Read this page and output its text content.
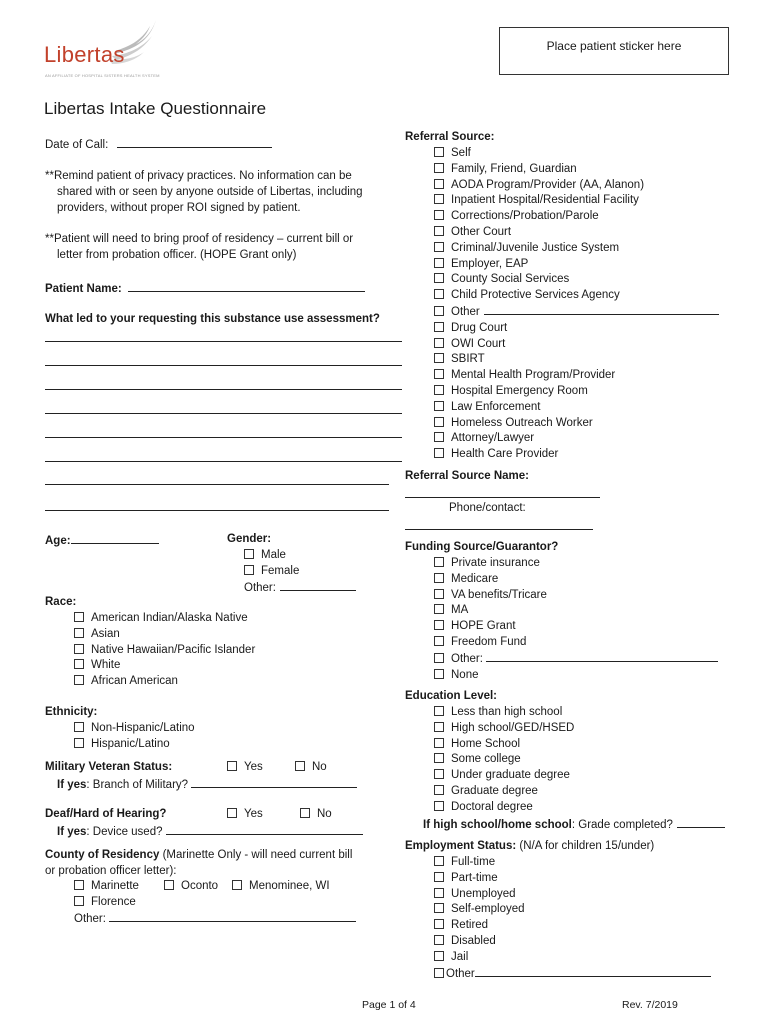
Libertas
AN AFFILIATE OF HOSPITAL SISTERS HEALTH SYSTEM
Place patient sticker here
Libertas Intake Questionnaire
Date of Call:
**Remind patient of privacy practices. No information can be
shared with or seen by anyone outside of Libertas, including
providers, without proper ROI signed by patient.
**Patient will need to bring proof of residency – current bill or
letter from probation officer. (HOPE Grant only)
Patient Name:
What led to your requesting this substance use assessment?
Referral Source:
Self
Family, Friend, Guardian
AODA Program/Provider (AA, Alanon)
Inpatient Hospital/Residential Facility
Corrections/Probation/Parole
Other Court
Criminal/Juvenile Justice System
Employer, EAP
County Social Services
Child Protective Services Agency
Other
Drug Court
OWI Court
SBIRT
Mental Health Program/Provider
Hospital Emergency Room
Law Enforcement
Homeless Outreach Worker
Attorney/Lawyer
Health Care Provider
Referral Source Name:
Phone/contact:
Age:	Gender:
Male
Female
Other:
Race:
American Indian/Alaska Native
Asian
Native Hawaiian/Pacific Islander
White
African American
Ethnicity:
Non-Hispanic/Latino
Hispanic/Latino
Military Veteran Status:	Yes	No
If yes: Branch of Military?
Deaf/Hard of Hearing?	Yes	No
If yes: Device used?
County of Residency (Marinette Only - will need current bill
or probation officer letter):
Marinette	Oconto	Menominee, WI
Florence
Other:
Funding Source/Guarantor?
Private insurance
Medicare
VA benefits/Tricare
MA
HOPE Grant
Freedom Fund
Other:
None
Education Level:
Less than high school
High school/GED/HSED
Home School
Some college
Under graduate degree
Graduate degree
Doctoral degree
If high school/home school: Grade completed?
Employment Status: (N/A for children 15/under)
Full-time
Part-time
Unemployed
Self-employed
Retired
Disabled
Jail
Other
Page 1 of 4	Rev. 7/2019
